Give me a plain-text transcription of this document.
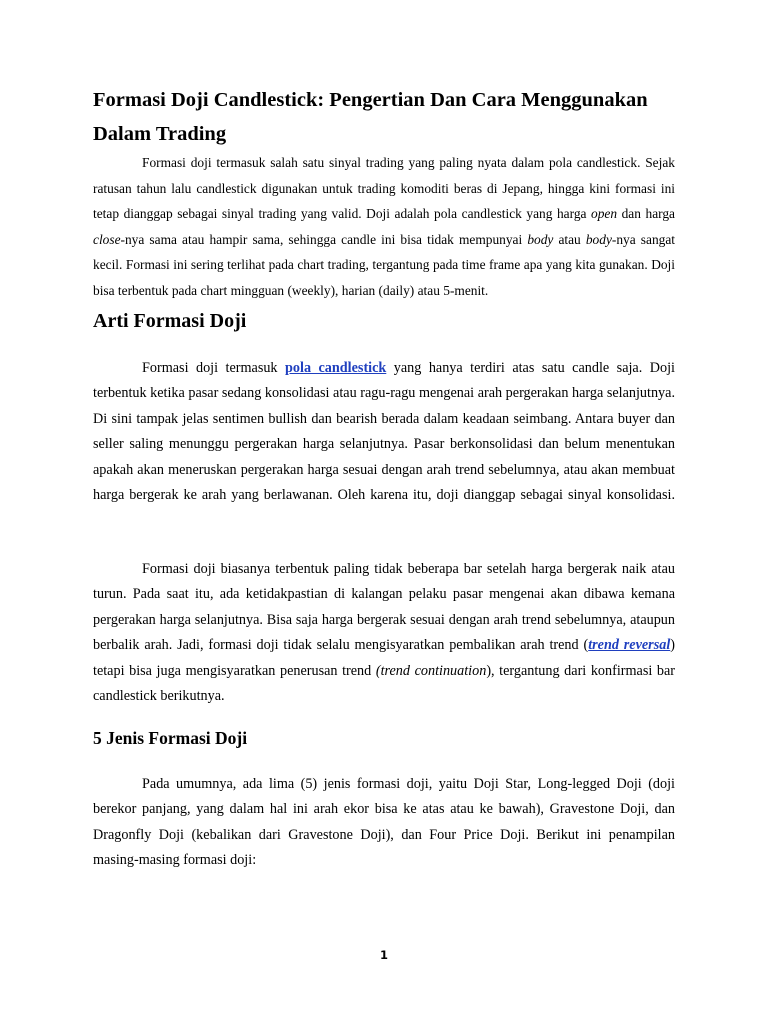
Formasi Doji Candlestick: Pengertian Dan Cara Menggunakan Dalam Trading

Formasi doji termasuk salah satu sinyal trading yang paling nyata dalam pola candlestick. Sejak ratusan tahun lalu candlestick digunakan untuk trading komoditi beras di Jepang, hingga kini formasi ini tetap dianggap sebagai sinyal trading yang valid. Doji adalah pola candlestick yang harga open dan harga close-nya sama atau hampir sama, sehingga candle ini bisa tidak mempunyai body atau body-nya sangat kecil. Formasi ini sering terlihat pada chart trading, tergantung pada time frame apa yang kita gunakan. Doji bisa terbentuk pada chart mingguan (weekly), harian (daily) atau 5-menit.

Arti Formasi Doji

Formasi doji termasuk pola candlestick yang hanya terdiri atas satu candle saja. Doji terbentuk ketika pasar sedang konsolidasi atau ragu-ragu mengenai arah pergerakan harga selanjutnya. Di sini tampak jelas sentimen bullish dan bearish berada dalam keadaan seimbang. Antara buyer dan seller saling menunggu pergerakan harga selanjutnya. Pasar berkonsolidasi dan belum menentukan apakah akan meneruskan pergerakan harga sesuai dengan arah trend sebelumnya, atau akan membuat harga bergerak ke arah yang berlawanan. Oleh karena itu, doji dianggap sebagai sinyal konsolidasi.

Formasi doji biasanya terbentuk paling tidak beberapa bar setelah harga bergerak naik atau turun. Pada saat itu, ada ketidakpastian di kalangan pelaku pasar mengenai akan dibawa kemana pergerakan harga selanjutnya. Bisa saja harga bergerak sesuai dengan arah trend sebelumnya, ataupun berbalik arah. Jadi, formasi doji tidak selalu mengisyaratkan pembalikan arah trend (trend reversal) tetapi bisa juga mengisyaratkan penerusan trend (trend continuation), tergantung dari konfirmasi bar candlestick berikutnya.

5 Jenis Formasi Doji

Pada umumnya, ada lima (5) jenis formasi doji, yaitu Doji Star, Long-legged Doji (doji berekor panjang, yang dalam hal ini arah ekor bisa ke atas atau ke bawah), Gravestone Doji, dan Dragonfly Doji (kebalikan dari Gravestone Doji), dan Four Price Doji. Berikut ini penampilan masing-masing formasi doji:

1
